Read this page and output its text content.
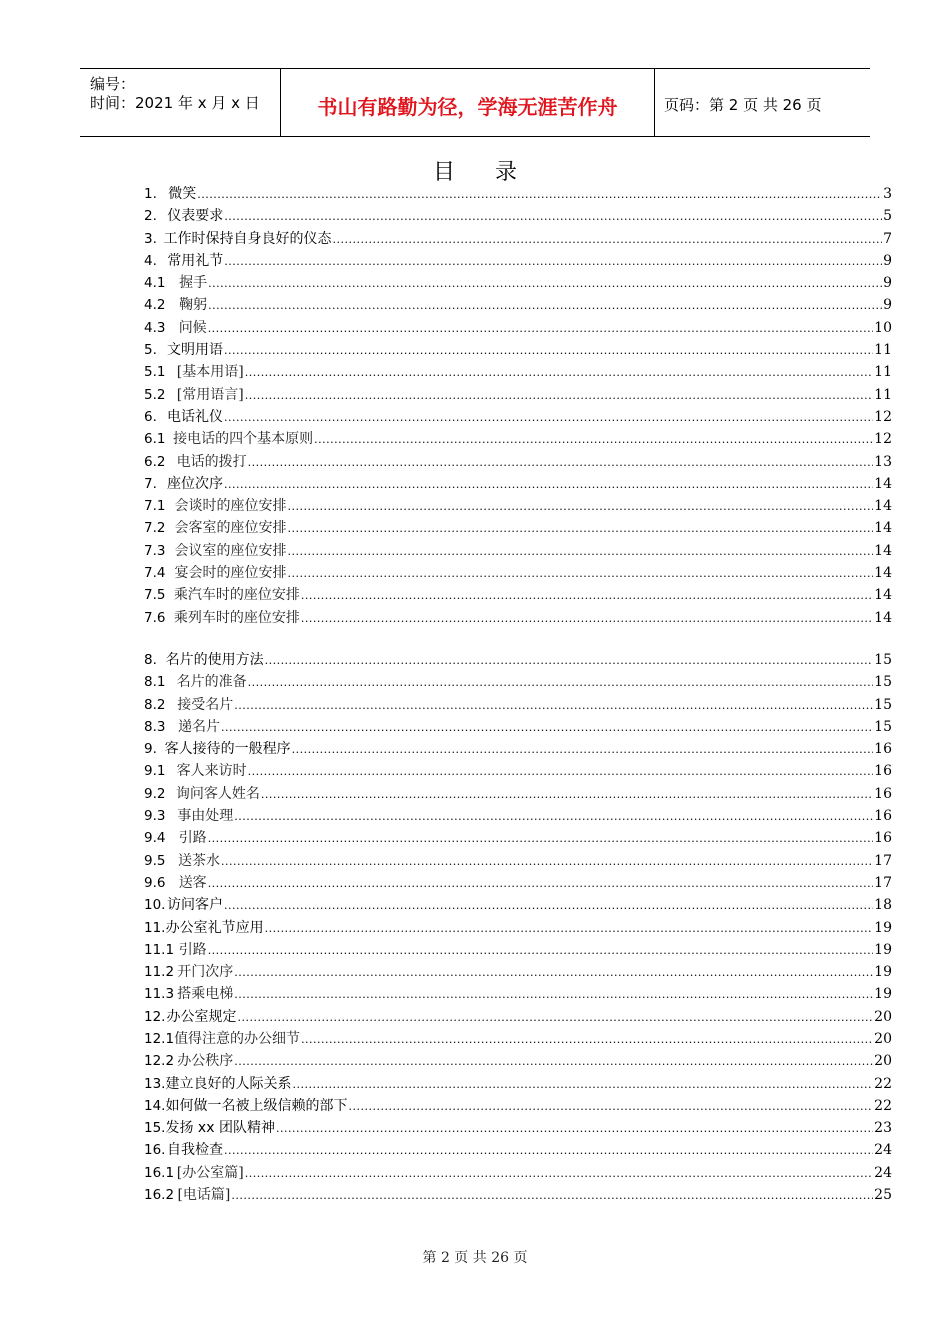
编号：
时间：2021 年 x 月 x 日	书山有路勤为径，学海无涯苦作舟	页码：第 2 页 共 26 页
目录
1. 微笑 .....	3
2. 仪表要求 .....	5
3. 工作时保持自身良好的仪态 .....	7
4. 常用礼节 .....	9
4.1 握手 .....	9
4.2 鞠躬 .....	9
4.3 问候 .....	10
5. 文明用语 .....	11
5.1 [基本用语] .....	11
5.2 [常用语言] .....	11
6. 电话礼仪 .....	12
6.1 接电话的四个基本原则 .....	12
6.2 电话的拨打 .....	13
7. 座位次序 .....	14
7.1 会谈时的座位安排 .....	14
7.2 会客室的座位安排 .....	14
7.3 会议室的座位安排 .....	14
7.4 宴会时的座位安排 .....	14
7.5 乘汽车时的座位安排 .....	14
7.6 乘列车时的座位安排 .....	14
8. 名片的使用方法 .....	15
8.1 名片的准备 .....	15
8.2 接受名片 .....	15
8.3 递名片 .....	15
9. 客人接待的一般程序 .....	16
9.1 客人来访时 .....	16
9.2 询问客人姓名 .....	16
9.3 事由处理 .....	16
9.4 引路 .....	16
9.5 送茶水 .....	17
9.6 送客 .....	17
10. 访问客户 .....	18
11. 办公室礼节应用 .....	19
11.1 引路 .....	19
11.2 开门次序 .....	19
11.3 搭乘电梯 .....	19
12. 办公室规定 .....	20
12.1 值得注意的办公细节 .....	20
12.2 办公秩序 .....	20
13. 建立良好的人际关系 .....	22
14. 如何做一名被上级信赖的部下 .....	22
15. 发扬 xx 团队精神 .....	23
16. 自我检查 .....	24
16.1 [办公室篇] .....	24
16.2 [电话篇] .....	25
第 2 页 共 26 页
